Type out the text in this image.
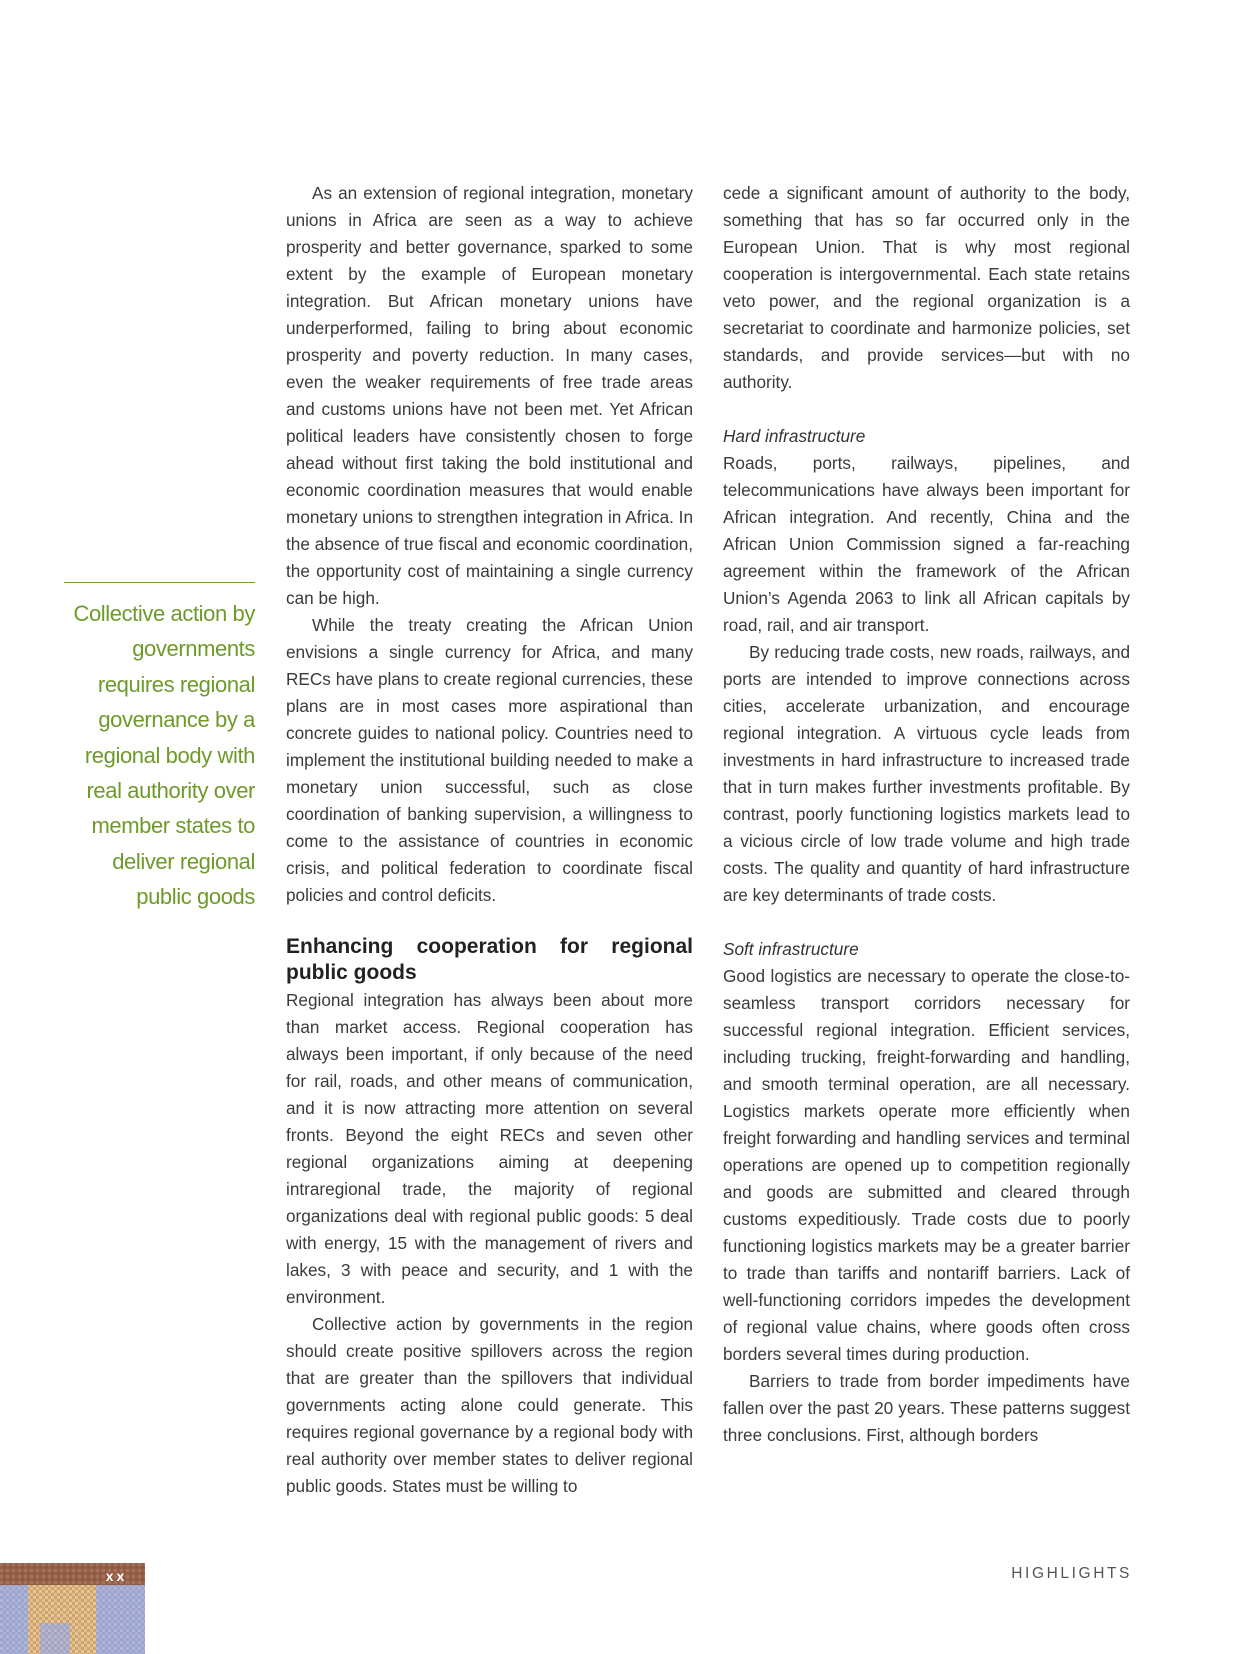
As an extension of regional integration, monetary unions in Africa are seen as a way to achieve prosperity and better governance, sparked to some extent by the example of European monetary integration. But African monetary unions have underperformed, failing to bring about economic prosperity and poverty reduction. In many cases, even the weaker requirements of free trade areas and customs unions have not been met. Yet African political leaders have consistently chosen to forge ahead without first taking the bold institutional and economic coordination measures that would enable monetary unions to strengthen integration in Africa. In the absence of true fiscal and economic coordination, the opportunity cost of maintaining a single currency can be high.

While the treaty creating the African Union envisions a single currency for Africa, and many RECs have plans to create regional currencies, these plans are in most cases more aspirational than concrete guides to national policy. Countries need to implement the institutional building needed to make a monetary union successful, such as close coordination of banking supervision, a willingness to come to the assistance of countries in economic crisis, and political federation to coordinate fiscal policies and control deficits.

Enhancing cooperation for regional public goods

Regional integration has always been about more than market access. Regional cooperation has always been important, if only because of the need for rail, roads, and other means of communication, and it is now attracting more attention on several fronts. Beyond the eight RECs and seven other regional organizations aiming at deepening intraregional trade, the majority of regional organizations deal with regional public goods: 5 deal with energy, 15 with the management of rivers and lakes, 3 with peace and security, and 1 with the environment.

Collective action by governments in the region should create positive spillovers across the region that are greater than the spillovers that individual governments acting alone could generate. This requires regional governance by a regional body with real authority over member states to deliver regional public goods. States must be willing to

cede a significant amount of authority to the body, something that has so far occurred only in the European Union. That is why most regional cooperation is intergovernmental. Each state retains veto power, and the regional organization is a secretariat to coordinate and harmonize policies, set standards, and provide services—but with no authority.

Hard infrastructure

Roads, ports, railways, pipelines, and telecommunications have always been important for African integration. And recently, China and the African Union Commission signed a far-reaching agreement within the framework of the African Union’s Agenda 2063 to link all African capitals by road, rail, and air transport.

By reducing trade costs, new roads, railways, and ports are intended to improve connections across cities, accelerate urbanization, and encourage regional integration. A virtuous cycle leads from investments in hard infrastructure to increased trade that in turn makes further investments profitable. By contrast, poorly functioning logistics markets lead to a vicious circle of low trade volume and high trade costs. The quality and quantity of hard infrastructure are key determinants of trade costs.

Soft infrastructure

Good logistics are necessary to operate the close-to-seamless transport corridors necessary for successful regional integration. Efficient services, including trucking, freight-forwarding and handling, and smooth terminal operation, are all necessary. Logistics markets operate more efficiently when freight forwarding and handling services and terminal operations are opened up to competition regionally and goods are submitted and cleared through customs expeditiously. Trade costs due to poorly functioning logistics markets may be a greater barrier to trade than tariffs and nontariff barriers. Lack of well-functioning corridors impedes the development of regional value chains, where goods often cross borders several times during production.

Barriers to trade from border impediments have fallen over the past 20 years. These patterns suggest three conclusions. First, although borders

Collective action by governments requires regional governance by a regional body with real authority over member states to deliver regional public goods
xx	HIGHLIGHTS
